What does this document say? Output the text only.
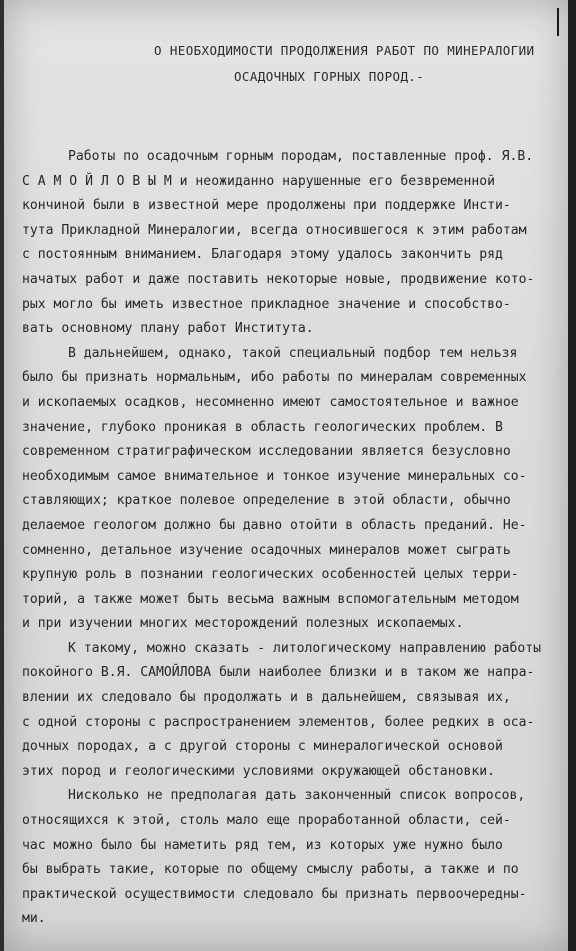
О НЕОБХОДИМОСТИ ПРОДОЛЖЕНИЯ РАБОТ ПО МИНЕРАЛОГИИ
ОСАДОЧНЫХ ГОРНЫХ ПОРОД.-
Работы по осадочным горным породам, поставленные проф. Я.В.
С А М О Й Л О В Ы М и неожиданно нарушенные его безвременной
кончиной были в известной мере продолжены при поддержке Инсти-
тута Прикладной Минералогии, всегда относившегося к этим работам
с постоянным вниманием. Благодаря этому удалось закончить ряд
начатых работ и даже поставить некоторые новые, продвижение кото-
рых могло бы иметь известное прикладное значение и способство-
вать основному плану работ Института.
В дальнейшем, однако, такой специальный подбор тем нельзя
было бы признать нормальным, ибо работы по минералам современных
и ископаемых осадков, несомненно имеют самостоятельное и важное
значение, глубоко проникая в область геологических проблем. В
современном стратиграфическом исследовании является безусловно
необходимым самое внимательное и тонкое изучение минеральных со-
ставляющих; краткое полевое определение в этой области, обычно
делаемое геологом должно бы давно отойти в область преданий. Не-
сомненно, детальное изучение осадочных минералов может сыграть
крупную роль в познании геологических особенностей целых терри-
торий, а также может быть весьма важным вспомогательным методом
и при изучении многих месторождений полезных ископаемых.
К такому, можно сказать - литологическому направлению работы
покойного В.Я. САМОЙЛОВА были наиболее близки и в таком же напра-
влении их следовало бы продолжать и в дальнейшем, связывая их,
с одной стороны с распространением элементов, более редких в оса-
дочных породах, а с другой стороны с минералогической основой
этих пород и геологическими условиями окружающей обстановки.
Нисколько не предполагая дать законченный список вопросов,
относящихся к этой, столь мало еще проработанной области, сей-
час можно было бы наметить ряд тем, из которых уже нужно было
бы выбрать такие, которые по общему смыслу работы, а также и по
практической осуществимости следовало бы признать первоочередны-
ми.
